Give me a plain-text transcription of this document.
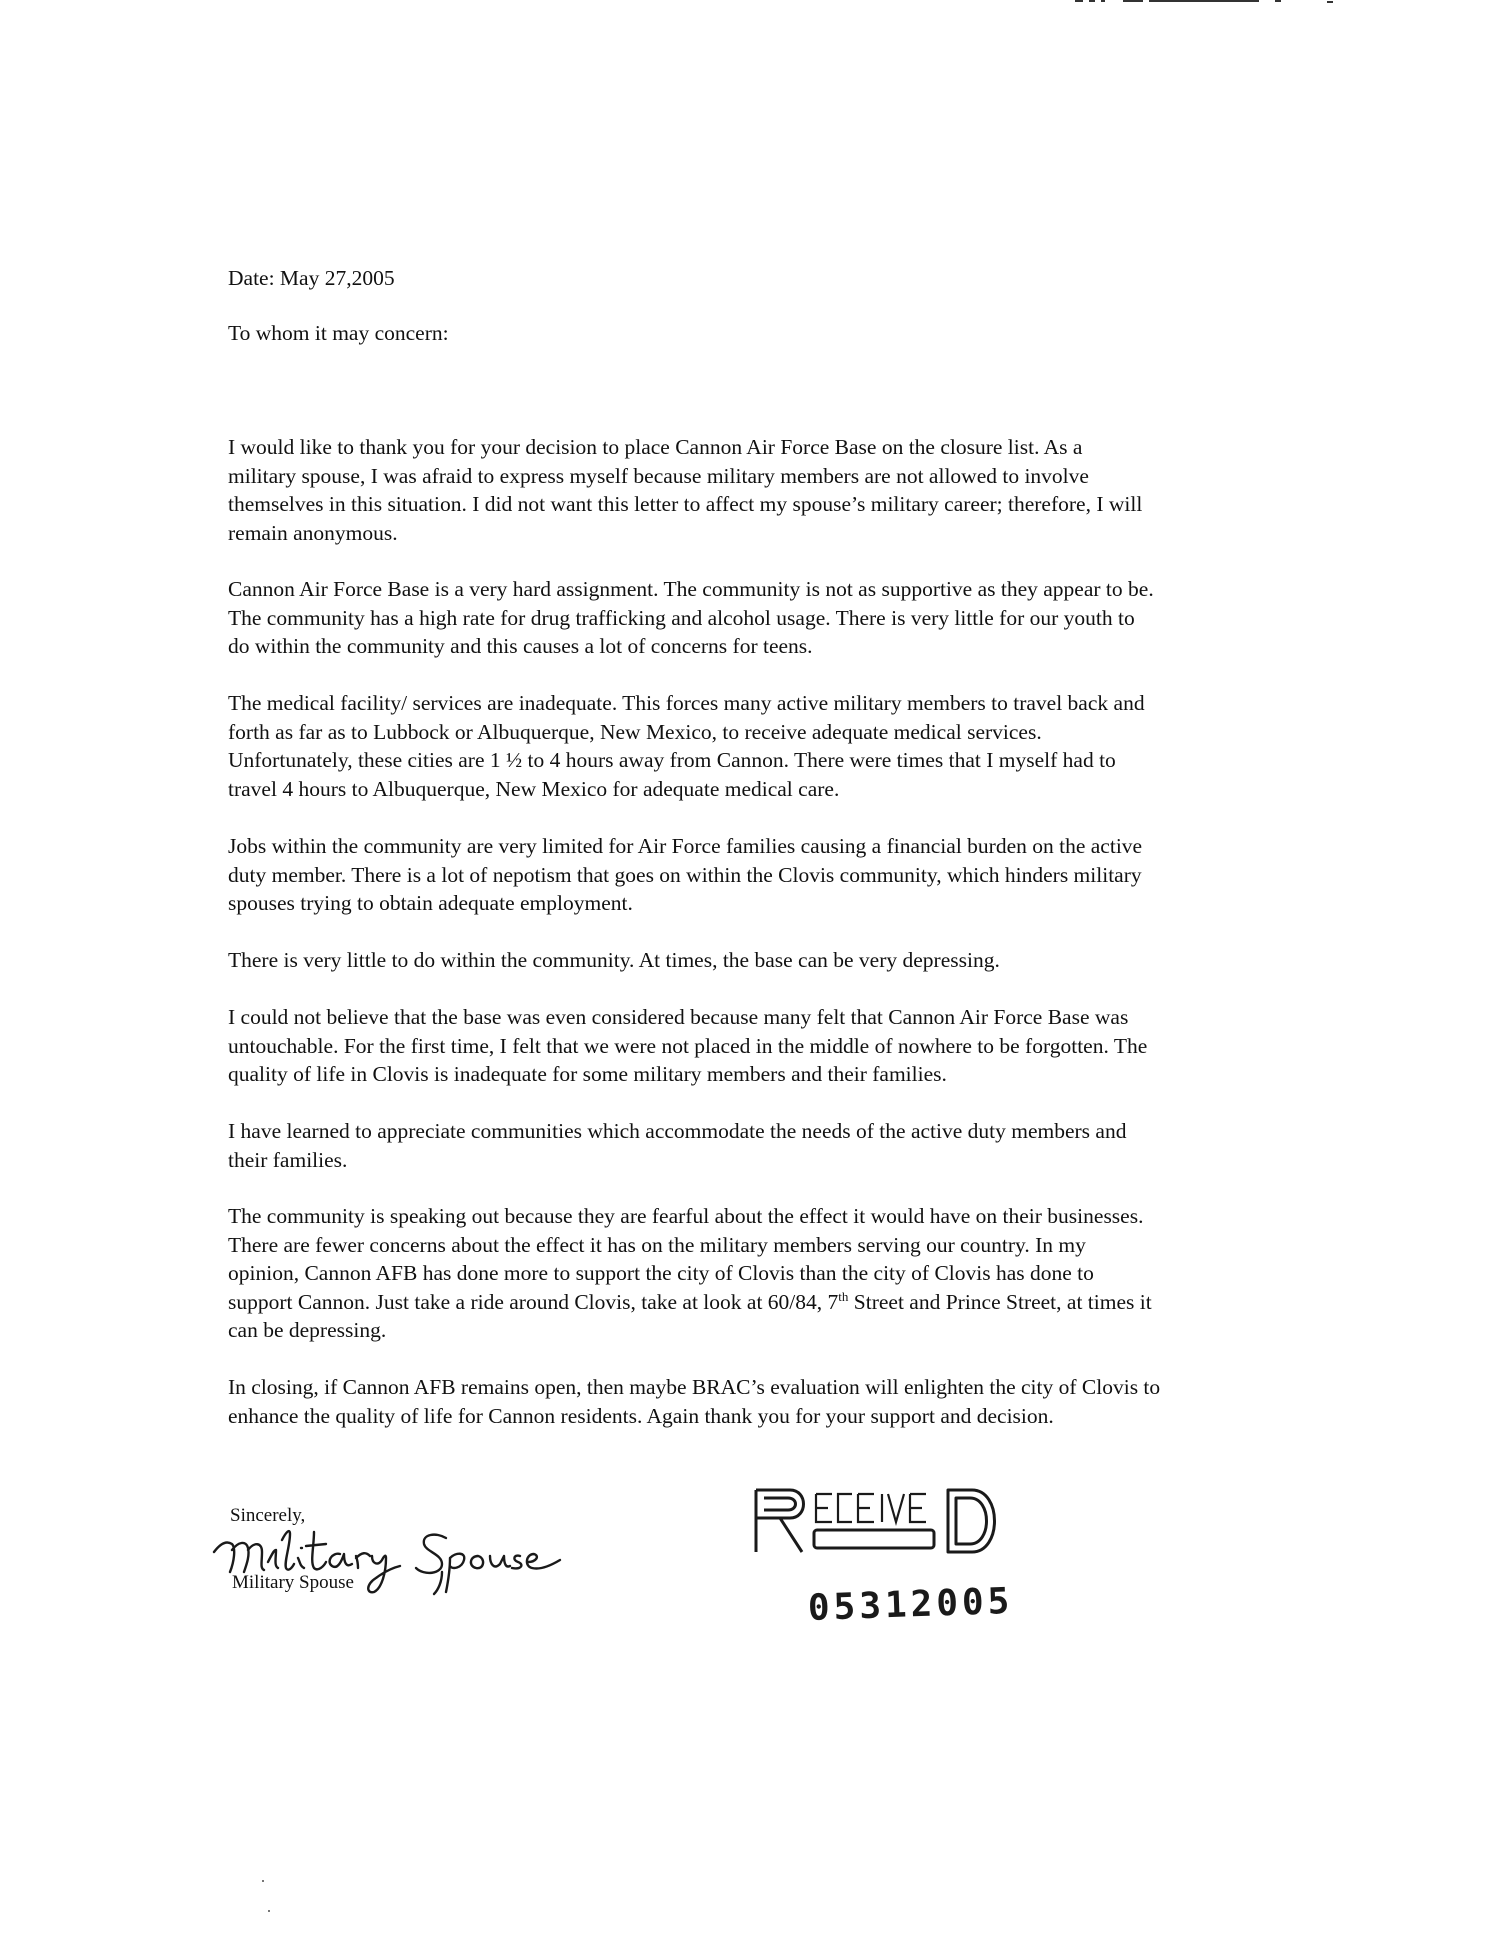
Date: May 27,2005
To whom it may concern:

I would like to thank you for your decision to place Cannon Air Force Base on the closure list. As a
military spouse, I was afraid to express myself because military members are not allowed to involve
themselves in this situation. I did not want this letter to affect my spouse’s military career; therefore, I will
remain anonymous.

Cannon Air Force Base is a very hard assignment. The community is not as supportive as they appear to be.
The community has a high rate for drug trafficking and alcohol usage. There is very little for our youth to
do within the community and this causes a lot of concerns for teens.

The medical facility/ services are inadequate. This forces many active military members to travel back and
forth as far as to Lubbock or Albuquerque, New Mexico, to receive adequate medical services.
Unfortunately, these cities are 1 ½ to 4 hours away from Cannon. There were times that I myself had to
travel 4 hours to Albuquerque, New Mexico for adequate medical care.

Jobs within the community are very limited for Air Force families causing a financial burden on the active
duty member. There is a lot of nepotism that goes on within the Clovis community, which hinders military
spouses trying to obtain adequate employment.

There is very little to do within the community. At times, the base can be very depressing.

I could not believe that the base was even considered because many felt that Cannon Air Force Base was
untouchable. For the first time, I felt that we were not placed in the middle of nowhere to be forgotten. The
quality of life in Clovis is inadequate for some military members and their families.

I have learned to appreciate communities which accommodate the needs of the active duty members and
their families.

The community is speaking out because they are fearful about the effect it would have on their businesses.
There are fewer concerns about the effect it has on the military members serving our country. In my
opinion, Cannon AFB has done more to support the city of Clovis than the city of Clovis has done to
support Cannon. Just take a ride around Clovis, take at look at 60/84, 7th Street and Prince Street, at times it
can be depressing.

In closing, if Cannon AFB remains open, then maybe BRAC’s evaluation will enlighten the city of Clovis to
enhance the quality of life for Cannon residents. Again thank you for your support and decision.

Sincerely,
Military Spouse	05312005
